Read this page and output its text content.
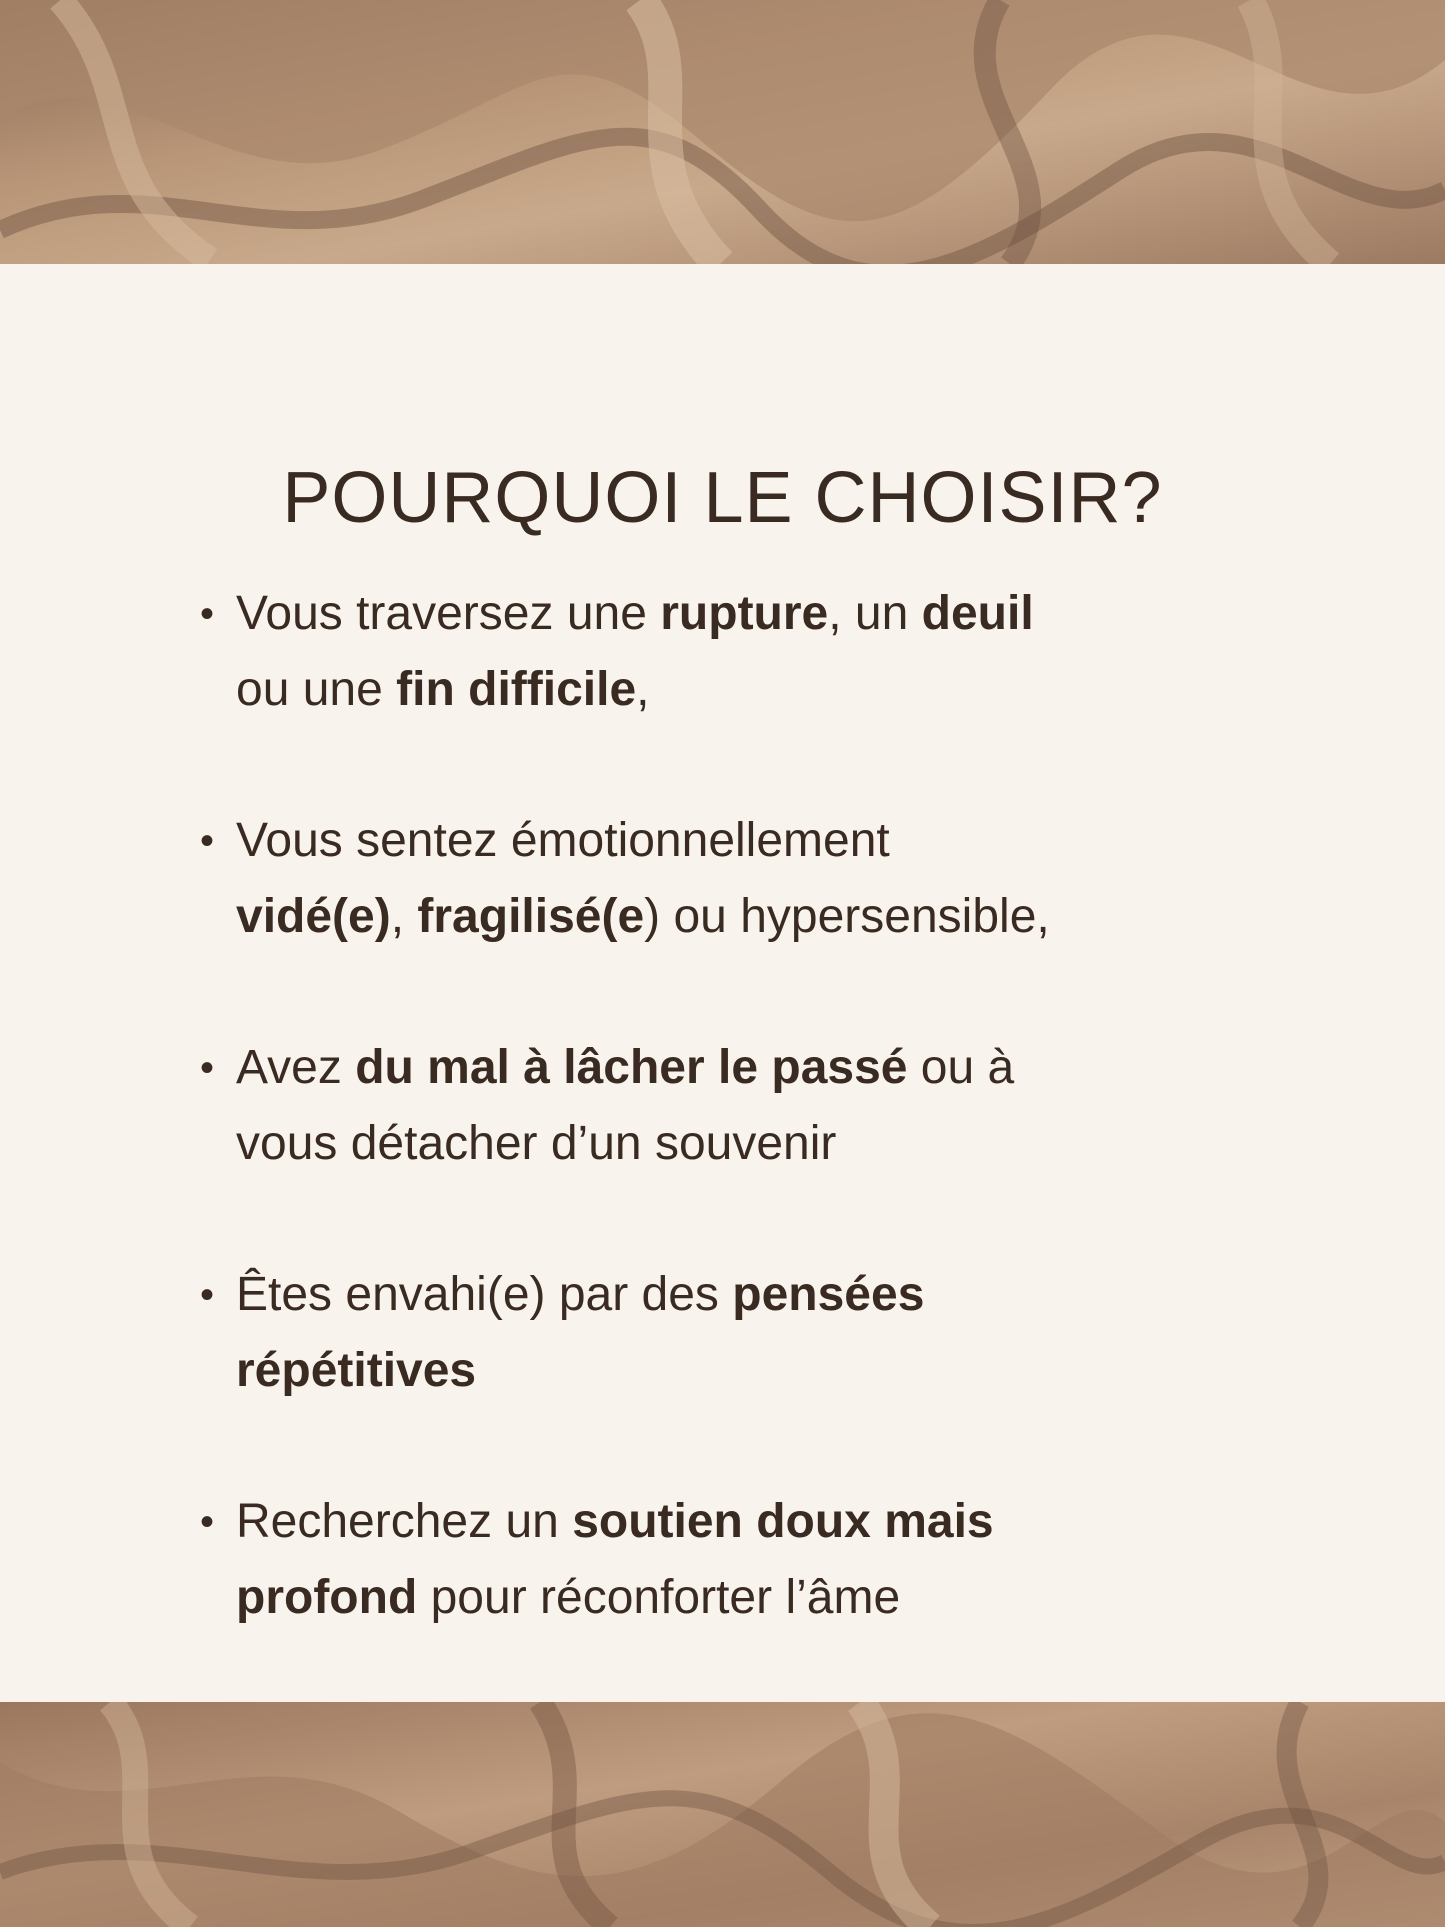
POURQUOI LE CHOISIR?
• Vous traversez une rupture, un deuil
ou une fin difficile,
• Vous sentez émotionnellement
vidé(e), fragilisé(e) ou hypersensible,
• Avez du mal à lâcher le passé ou à
vous détacher d’un souvenir
• Êtes envahi(e) par des pensées
répétitives
• Recherchez un soutien doux mais
profond pour réconforter l’âme
